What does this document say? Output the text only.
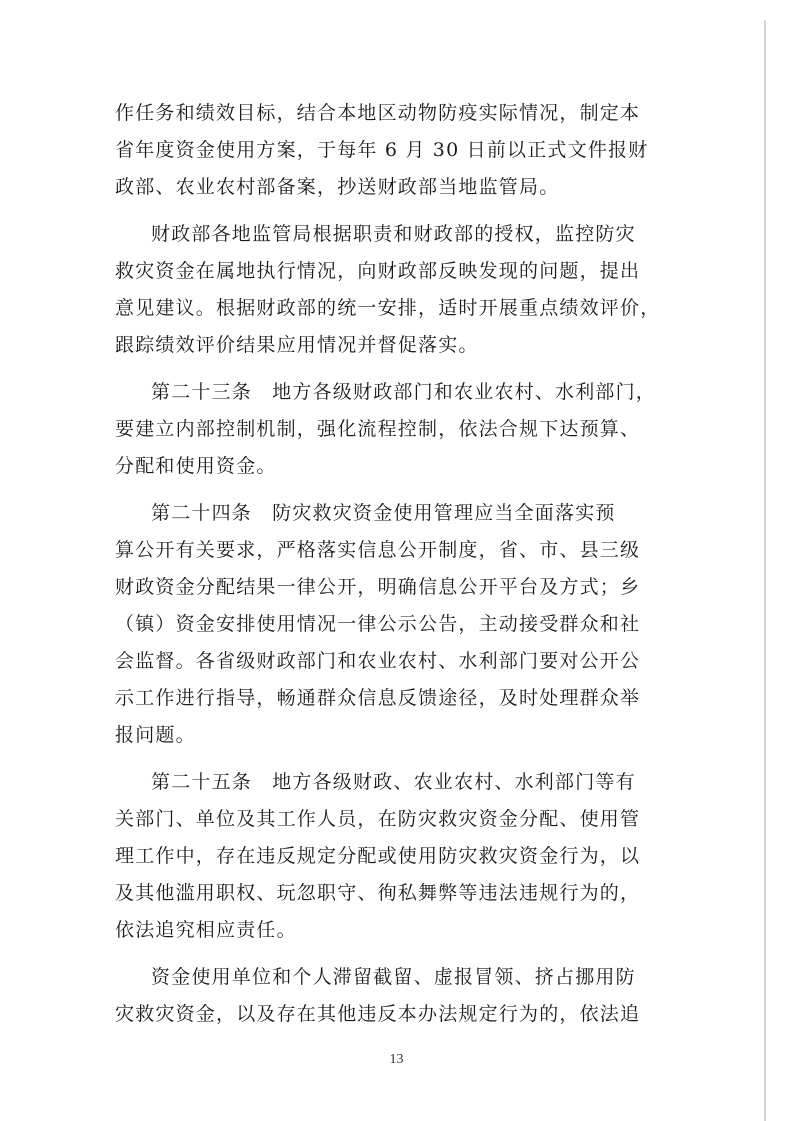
作任务和绩效目标，结合本地区动物防疫实际情况，制定本
省年度资金使用方案，于每年 6 月 30 日前以正式文件报财
政部、农业农村部备案，抄送财政部当地监管局。

财政部各地监管局根据职责和财政部的授权，监控防灾
救灾资金在属地执行情况，向财政部反映发现的问题，提出
意见建议。根据财政部的统一安排，适时开展重点绩效评价，
跟踪绩效评价结果应用情况并督促落实。

第二十三条　地方各级财政部门和农业农村、水利部门，
要建立内部控制机制，强化流程控制，依法合规下达预算、
分配和使用资金。

第二十四条　防灾救灾资金使用管理应当全面落实预
算公开有关要求，严格落实信息公开制度，省、市、县三级
财政资金分配结果一律公开，明确信息公开平台及方式；乡
（镇）资金安排使用情况一律公示公告，主动接受群众和社
会监督。各省级财政部门和农业农村、水利部门要对公开公
示工作进行指导，畅通群众信息反馈途径，及时处理群众举
报问题。

第二十五条　地方各级财政、农业农村、水利部门等有
关部门、单位及其工作人员，在防灾救灾资金分配、使用管
理工作中，存在违反规定分配或使用防灾救灾资金行为，以
及其他滥用职权、玩忽职守、徇私舞弊等违法违规行为的，
依法追究相应责任。

资金使用单位和个人滞留截留、虚报冒领、挤占挪用防
灾救灾资金，以及存在其他违反本办法规定行为的，依法追

13
